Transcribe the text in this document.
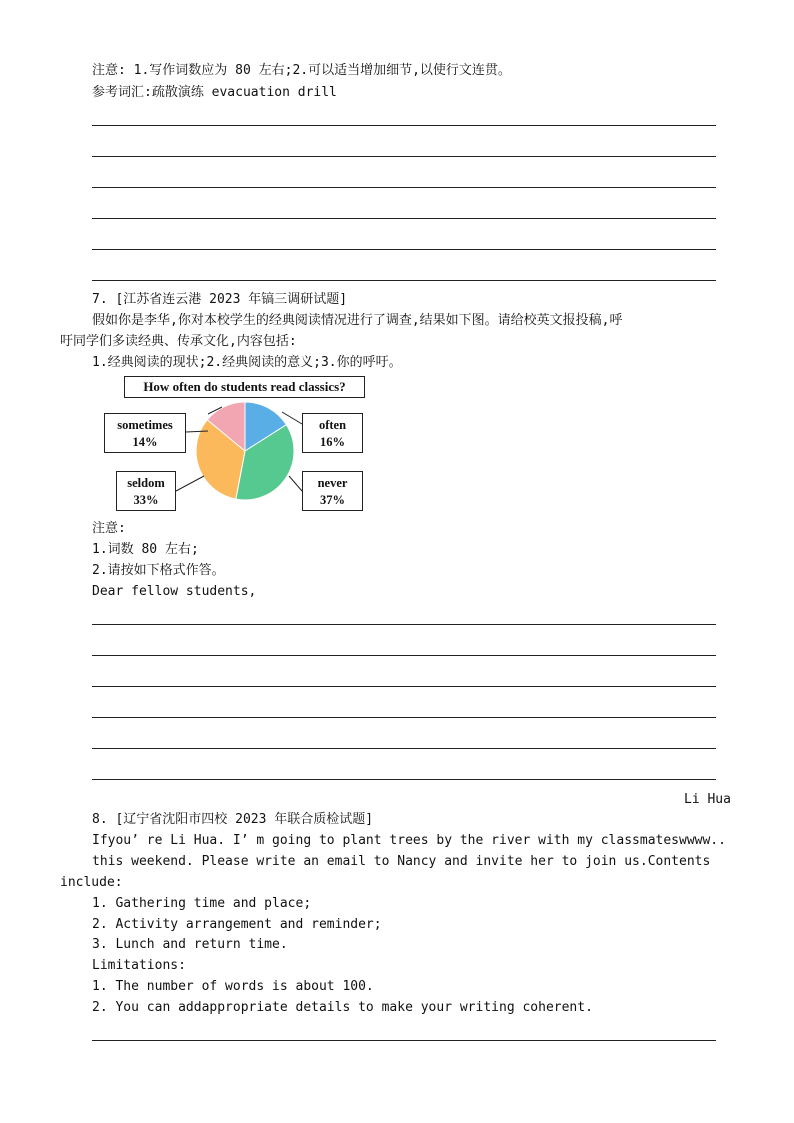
注意: 1.写作词数应为 80 左右;2.可以适当增加细节,以使行文连贯。
参考词汇:疏散演练 evacuation drill
7. [江苏省连云港 2023 年镐三调研试题]
假如你是李华,你对本校学生的经典阅读情况进行了调查,结果如下图。请给校英文报投稿,呼
吁同学们多读经典、传承文化,内容包括:
1.经典阅读的现状;2.经典阅读的意义;3.你的呼吁。
How often do students read classics?
sometimes
14%
often
16%
seldom
33%
never
37%
注意:
1.词数 80 左右;
2.请按如下格式作答。
Dear fellow students,
Li Hua
8. [辽宁省沈阳市四校 2023 年联合质检试题]
Ifyou’ re Li Hua. I’ m going to plant trees by the river with my classmateswwww..
this weekend. Please write an email to Nancy and invite her to join us.Contents
include:
1. Gathering time and place;
2. Activity arrangement and reminder;
3. Lunch and return time.
Limitations:
1. The number of words is about 100.
2. You can addappropriate details to make your writing coherent.
